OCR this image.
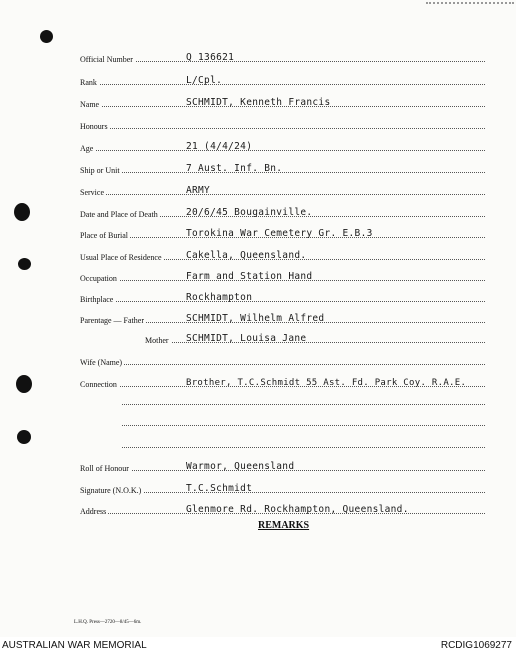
Official Number	Q 136621
Rank	L/Cpl.
Name	SCHMIDT, Kenneth Francis
Honours
Age	21 (4/4/24)
Ship or Unit	7 Aust. Inf. Bn.
Service	ARMY
Date and Place of Death	20/6/45 Bougainville.
Place of Burial	Torokina War Cemetery Gr. E.B.3
Usual Place of Residence	Cakella, Queensland.
Occupation	Farm and Station Hand
Birthplace	Rockhampton
Parentage — Father	SCHMIDT, Wilhelm Alfred
Mother SCHMIDT, Louisa Jane
Wife (Name)
Connection	Brother, T.C.Schmidt 55 Ast. Fd. Park Coy. R.A.E.
Roll of Honour	Warmor, Queensland
Signature (N.O.K.)	T.C.Schmidt
Address	Glenmore Rd. Rockhampton, Queensland.
REMARKS
L.H.Q. Press—2720—8/45—6m.
AUSTRALIAN WAR MEMORIAL	RCDIG1069277
